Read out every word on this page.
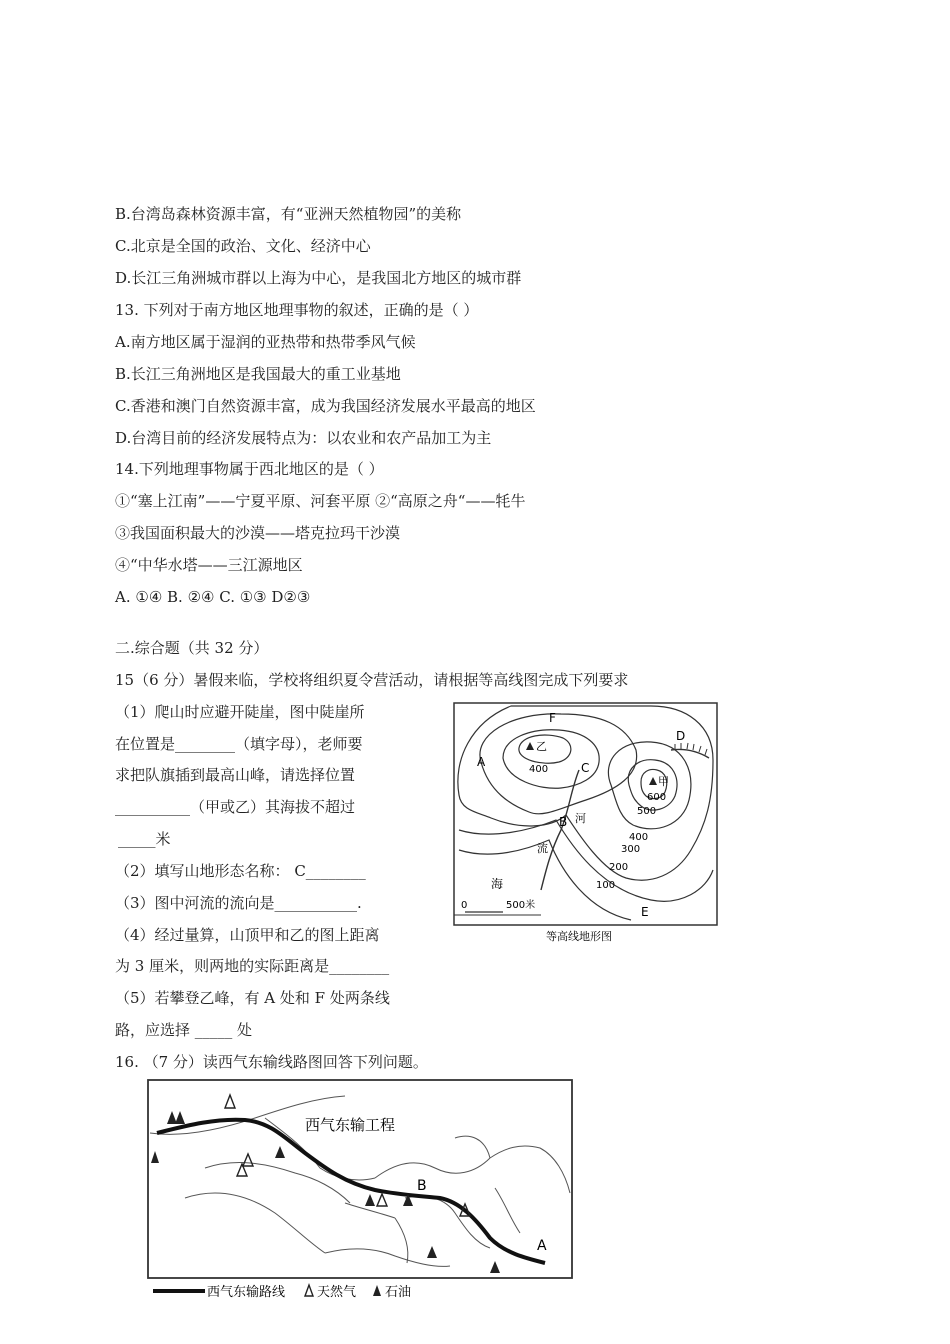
B.台湾岛森林资源丰富，有“亚洲天然植物园”的美称
C.北京是全国的政治、文化、经济中心
D.长江三角洲城市群以上海为中心，是我国北方地区的城市群
13. 下列对于南方地区地理事物的叙述，正确的是（ ）
A.南方地区属于湿润的亚热带和热带季风气候
B.长江三角洲地区是我国最大的重工业基地
C.香港和澳门自然资源丰富，成为我国经济发展水平最高的地区
D.台湾目前的经济发展特点为：以农业和农产品加工为主
14.下列地理事物属于西北地区的是（ ）
①“塞上江南”——宁夏平原、河套平原 ②“高原之舟“——牦牛
③我国面积最大的沙漠——塔克拉玛干沙漠
④“中华水塔——三江源地区
A. ①④ B. ②④ C. ①③ D②③
二.综合题（共 32 分）
15（6 分）暑假来临，学校将组织夏令营活动，请根据等高线图完成下列要求
（1）爬山时应避开陡崖，图中陡崖所
在位置是________（填字母），老师要
求把队旗插到最高山峰，请选择位置
__________（甲或乙）其海拔不超过
_____米
（2）填写山地形态名称： C________
（3）图中河流的流向是___________.
（4）经过量算，山顶甲和乙的图上距离
为 3 厘米，则两地的实际距离是________
（5）若攀登乙峰，有 A 处和 F 处两条线
路，应选择 _____ 处
16. （7 分）读西气东输线路图回答下列问题。
乙
甲
A
B
C
D
E
F
400
600
500
400
300
200
100
河
流
海
0	500米
等高线地形图
西气东输工程
B
A
西气东输路线 天然气 石油
